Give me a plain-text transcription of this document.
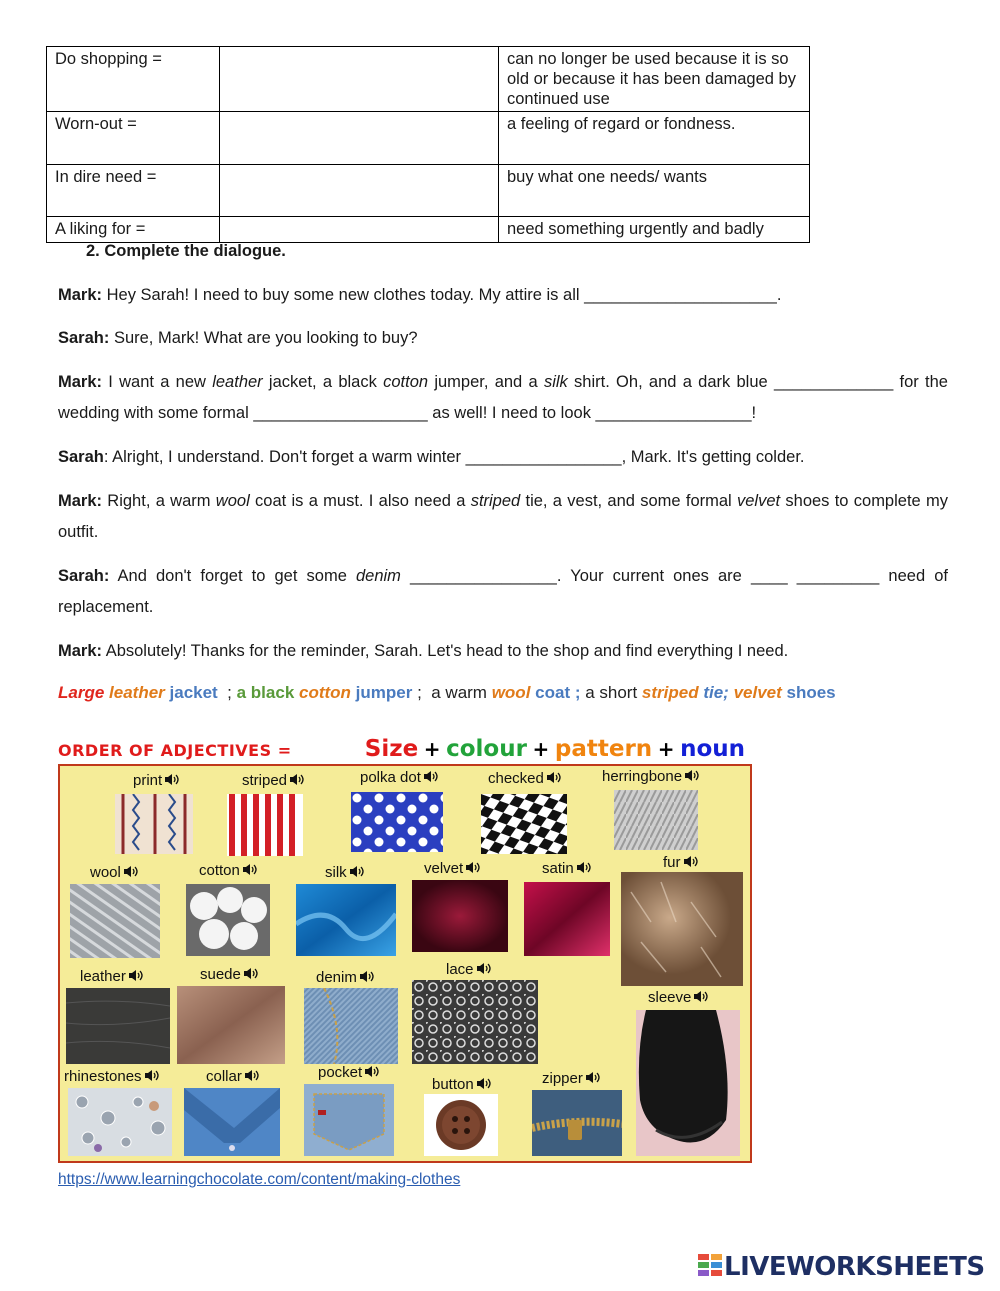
Do shopping =		can no longer be used because it is so old or because it has been damaged by continued use
Worn-out =		a feeling of regard or fondness.
In dire need =		buy what one needs/ wants
A liking for =		need something urgently and badly
2. Complete the dialogue.
Mark: Hey Sarah! I need to buy some new clothes today. My attire is all _____________________.
Sarah: Sure, Mark! What are you looking to buy?
Mark: I want a new leather jacket, a black cotton jumper, and a silk shirt. Oh, and a dark blue _____________ for the wedding with some formal ___________________ as well! I need to look _________________!
Sarah: Alright, I understand. Don't forget a warm winter _________________, Mark. It's getting colder.
Mark: Right, a warm wool coat is a must. I also need a striped tie, a vest, and some formal velvet shoes to complete my outfit.
Sarah: And don't forget to get some denim ________________. Your current ones are ____ _________ need of replacement.
Mark: Absolutely! Thanks for the reminder, Sarah. Let's head to the shop and find everything I need.
Large leather jacket  ; a black cotton jumper ;  a warm wool coat ; a short striped tie; velvet shoes
ORDER OF ADJECTIVES =	Size + colour + pattern + noun
print	striped	polka dot	checked	herringbone
wool	cotton	silk	velvet	satin	fur
leather	suede	denim	lace
sleeve
rhinestones	collar	pocket
button	zipper
https://www.learningchocolate.com/content/making-clothes
LIVEWORKSHEETS
